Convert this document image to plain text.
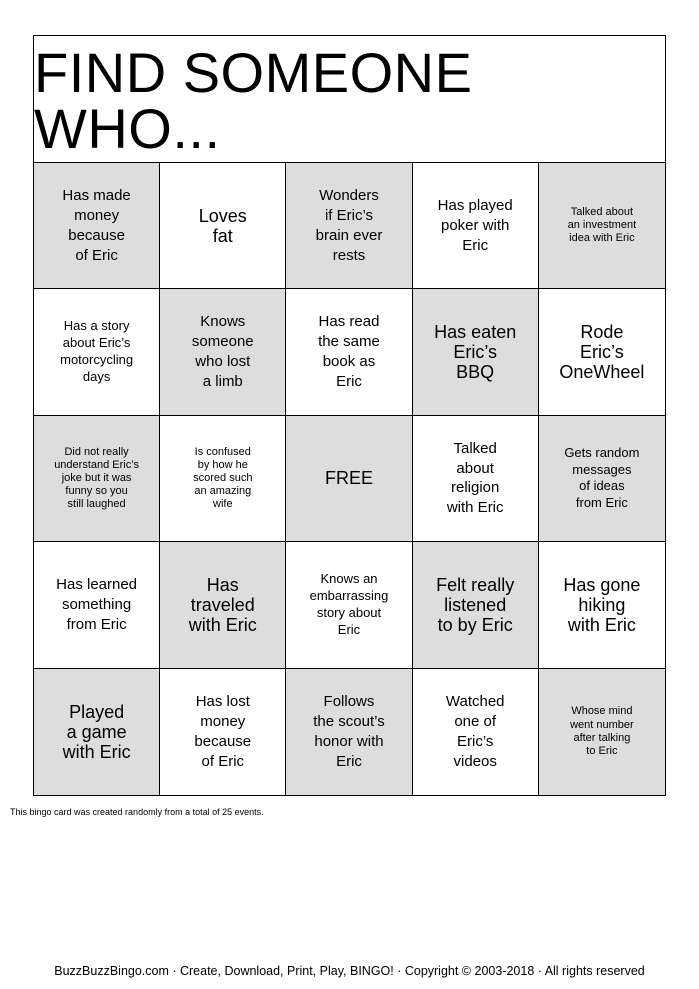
FIND SOMEONE WHO...
Has made
money
because
of Eric
Loves
fat
Wonders
if Eric’s
brain ever
rests
Has played
poker with
Eric
Talked about
an investment
idea with Eric
Has a story
about Eric’s
motorcycling
days
Knows
someone
who lost
a limb
Has read
the same
book as
Eric
Has eaten
Eric’s
BBQ
Rode
Eric’s
OneWheel
Did not really
understand Eric’s
joke but it was
funny so you
still laughed
Is confused
by how he
scored such
an amazing
wife
FREE
Talked
about
religion
with Eric
Gets random
messages
of ideas
from Eric
Has learned
something
from Eric
Has
traveled
with Eric
Knows an
embarrassing
story about
Eric
Felt really
listened
to by Eric
Has gone
hiking
with Eric
Played
a game
with Eric
Has lost
money
because
of Eric
Follows
the scout’s
honor with
Eric
Watched
one of
Eric’s
videos
Whose mind
went number
after talking
to Eric
This bingo card was created randomly from a total of 25 events.
BuzzBuzzBingo.com · Create, Download, Print, Play, BINGO! · Copyright © 2003-2018 · All rights reserved
